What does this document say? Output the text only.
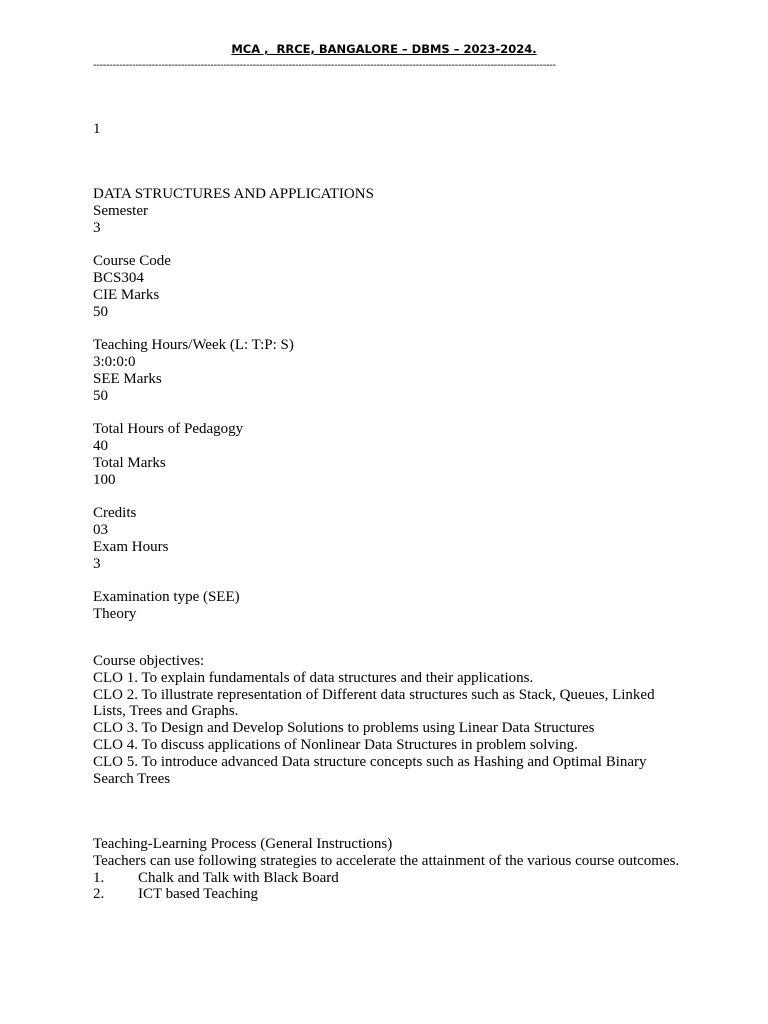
MCA ,  RRCE, BANGALORE – DBMS – 2023-2024.
----------------------------------------------------------------------------------------------------------------------------------------------
1
DATA STRUCTURES AND APPLICATIONS
Semester
3
Course Code
BCS304
CIE Marks
50
Teaching Hours/Week (L: T:P: S)
3:0:0:0
SEE Marks
50
Total Hours of Pedagogy
40
Total Marks
100
Credits
03
Exam Hours
3
Examination type (SEE)
Theory
Course objectives:
CLO 1. To explain fundamentals of data structures and their applications.
CLO 2. To illustrate representation of Different data structures such as Stack, Queues, Linked Lists, Trees and Graphs.
CLO 3. To Design and Develop Solutions to problems using Linear Data Structures
CLO 4. To discuss applications of Nonlinear Data Structures in problem solving.
CLO 5. To introduce advanced Data structure concepts such as Hashing and Optimal Binary Search Trees
Teaching-Learning Process (General Instructions)
Teachers can use following strategies to accelerate the attainment of the various course outcomes.
1. Chalk and Talk with Black Board
2. ICT based Teaching
